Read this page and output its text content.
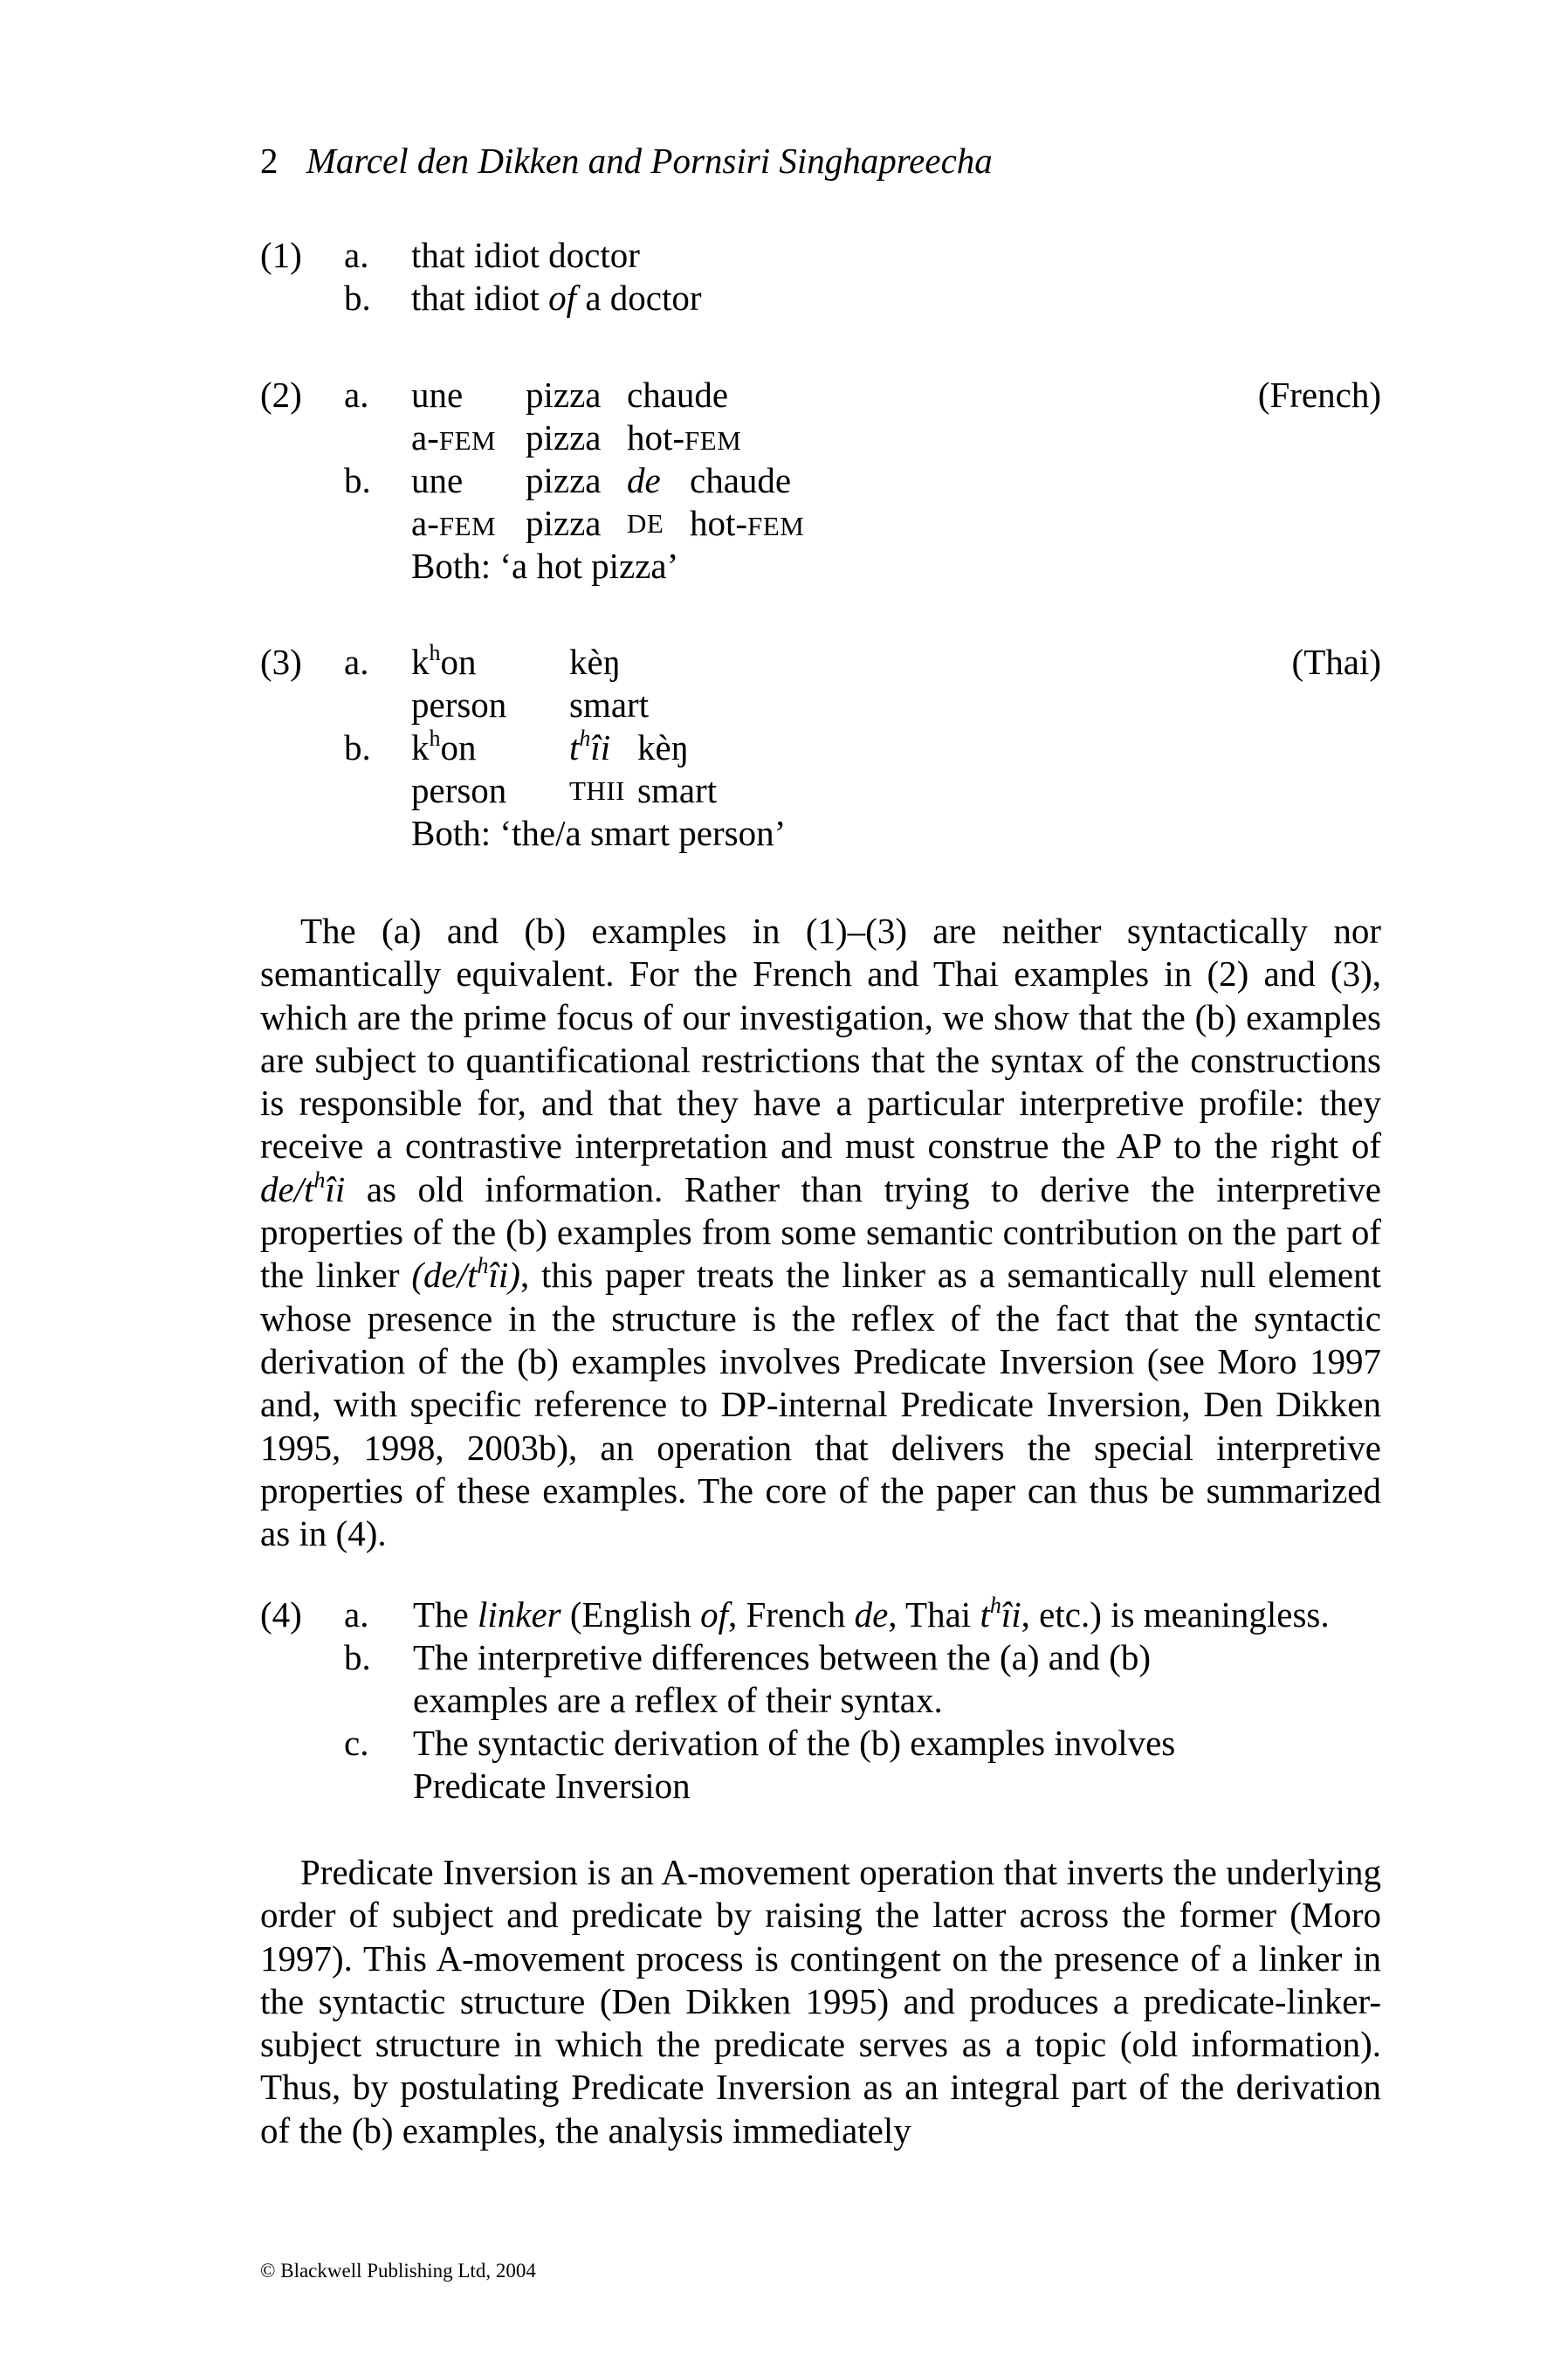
2 Marcel den Dikken and Pornsiri Singhapreecha
(1) a. that idiot doctor
b. that idiot of a doctor
(2) a. une pizza chaude	(French)
a-FEM pizza hot-FEM
b. une pizza de chaude
a-FEM pizza DE hot-FEM
Both: ‘a hot pizza’
(3) a. $k^hon$	kèŋ	(Thai)
person smart
b. $k^hon$	$t^hîi$ kèŋ
person THII smart
Both: ‘the/a smart person’

The (a) and (b) examples in (1)–(3) are neither syntactically nor semantically equivalent. For the French and Thai examples in (2) and (3), which are the prime focus of our investigation, we show that the (b) examples are subject to quantificational restrictions that the syntax of the constructions is responsible for, and that they have a particular interpretive profile: they receive a contrastive interpretation and must construe the AP to the right of $de/t^hîi$ as old information. Rather than trying to derive the interpretive properties of the (b) examples from some semantic contribution on the part of the linker $(de/t^hîi)$, this paper treats the linker as a semantically null element whose presence in the structure is the reflex of the fact that the syntactic derivation of the (b) examples involves Predicate Inversion (see Moro 1997 and, with specific reference to DP-internal Predicate Inversion, Den Dikken 1995, 1998, 2003b), an operation that delivers the special interpretive properties of these examples. The core of the paper can thus be summarized as in (4).

(4) a. The linker (English of, French de, Thai $t^hîi$, etc.) is meaningless.
b. The interpretive differences between the (a) and (b) examples are a reflex of their syntax.
c. The syntactic derivation of the (b) examples involves Predicate Inversion

Predicate Inversion is an A-movement operation that inverts the underlying order of subject and predicate by raising the latter across the former (Moro 1997). This A-movement process is contingent on the presence of a linker in the syntactic structure (Den Dikken 1995) and produces a predicate-linker-subject structure in which the predicate serves as a topic (old information). Thus, by postulating Predicate Inversion as an integral part of the derivation of the (b) examples, the analysis immediately

© Blackwell Publishing Ltd, 2004
